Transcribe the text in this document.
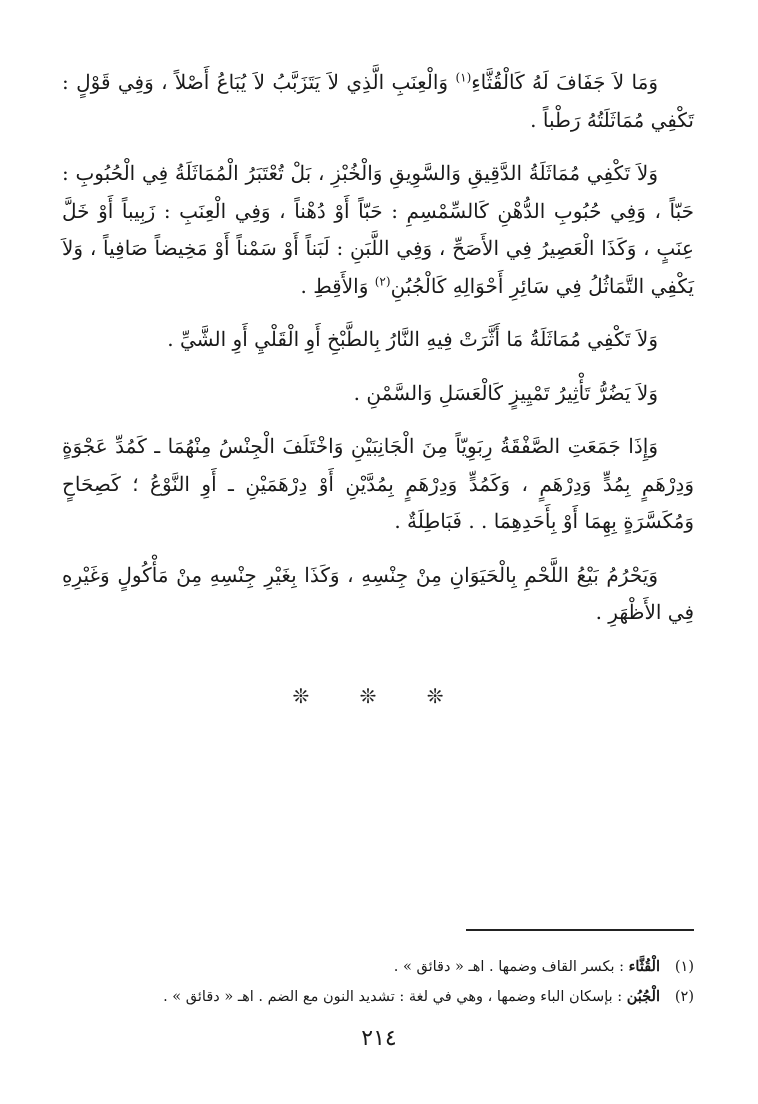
وَمَا لاَ جَفَافَ لَهُ كَالْقُثَّاءِ$^{(١)}$ وَالْعِنَبِ الَّذِي لاَ يَتَزَبَّبُ لاَ يُبَاعُ أَصْلاً ، وَفِي قَوْلٍ : تَكْفِي مُمَاثَلَتُهُ رَطْباً .

وَلاَ تَكْفِي مُمَاثَلَةُ الدَّقِيقِ وَالسَّوِيقِ وَالْخُبْزِ ، بَلْ تُعْتَبَرُ الْمُمَاثَلَةُ فِي الْحُبُوبِ : حَبّاً ، وَفِي حُبُوبِ الدُّهْنِ كَالسِّمْسِمِ : حَبّاً أَوْ دُهْناً ، وَفِي الْعِنَبِ : زَبِيباً أَوْ خَلَّ عِنَبٍ ، وَكَذَا الْعَصِيرُ فِي الأَصَحِّ ، وَفِي اللَّبَنِ : لَبَناً أَوْ سَمْناً أَوْ مَخِيضاً صَافِياً ، وَلاَ يَكْفِي التَّمَاثُلُ فِي سَائِرِ أَحْوَالِهِ كَالْجُبُنِ$^{(٢)}$ وَالأَقِطِ .

وَلاَ تَكْفِي مُمَاثَلَةُ مَا أَثَّرَتْ فِيهِ النَّارُ بِالطَّبْخِ أَوِ الْقَلْيِ أَوِ الشَّيِّ .

وَلاَ يَضُرُّ تَأْثِيرُ تَمْيِيزٍ كَالْعَسَلِ وَالسَّمْنِ .

وَإِذَا جَمَعَتِ الصَّفْقَةُ رِبَوِيّاً مِنَ الْجَانِبَيْنِ وَاخْتَلَفَ الْجِنْسُ مِنْهُمَا ـ كَمُدِّ عَجْوَةٍ وَدِرْهَمٍ بِمُدٍّ وَدِرْهَمٍ ، وَكَمُدٍّ وَدِرْهَمٍ بِمُدَّيْنِ أَوْ دِرْهَمَيْنِ ـ أَوِ النَّوْعُ ؛ كَصِحَاحٍ وَمُكَسَّرَةٍ بِهِمَا أَوْ بِأَحَدِهِمَا . . فَبَاطِلَةٌ .

وَيَحْرُمُ بَيْعُ اللَّحْمِ بِالْحَيَوَانِ مِنْ جِنْسِهِ ، وَكَذَا بِغَيْرِ جِنْسِهِ مِنْ مَأْكُولٍ وَغَيْرِهِ فِي الأَظْهَرِ .

❊ ❊ ❊
(١)الْقُثَّاء : بكسر القاف وضمها . اهـ « دقائق » .
(٢)الْجُبُن : بإسكان الباء وضمها ، وهي في لغة : تشديد النون مع الضم . اهـ « دقائق » .
٢١٤
